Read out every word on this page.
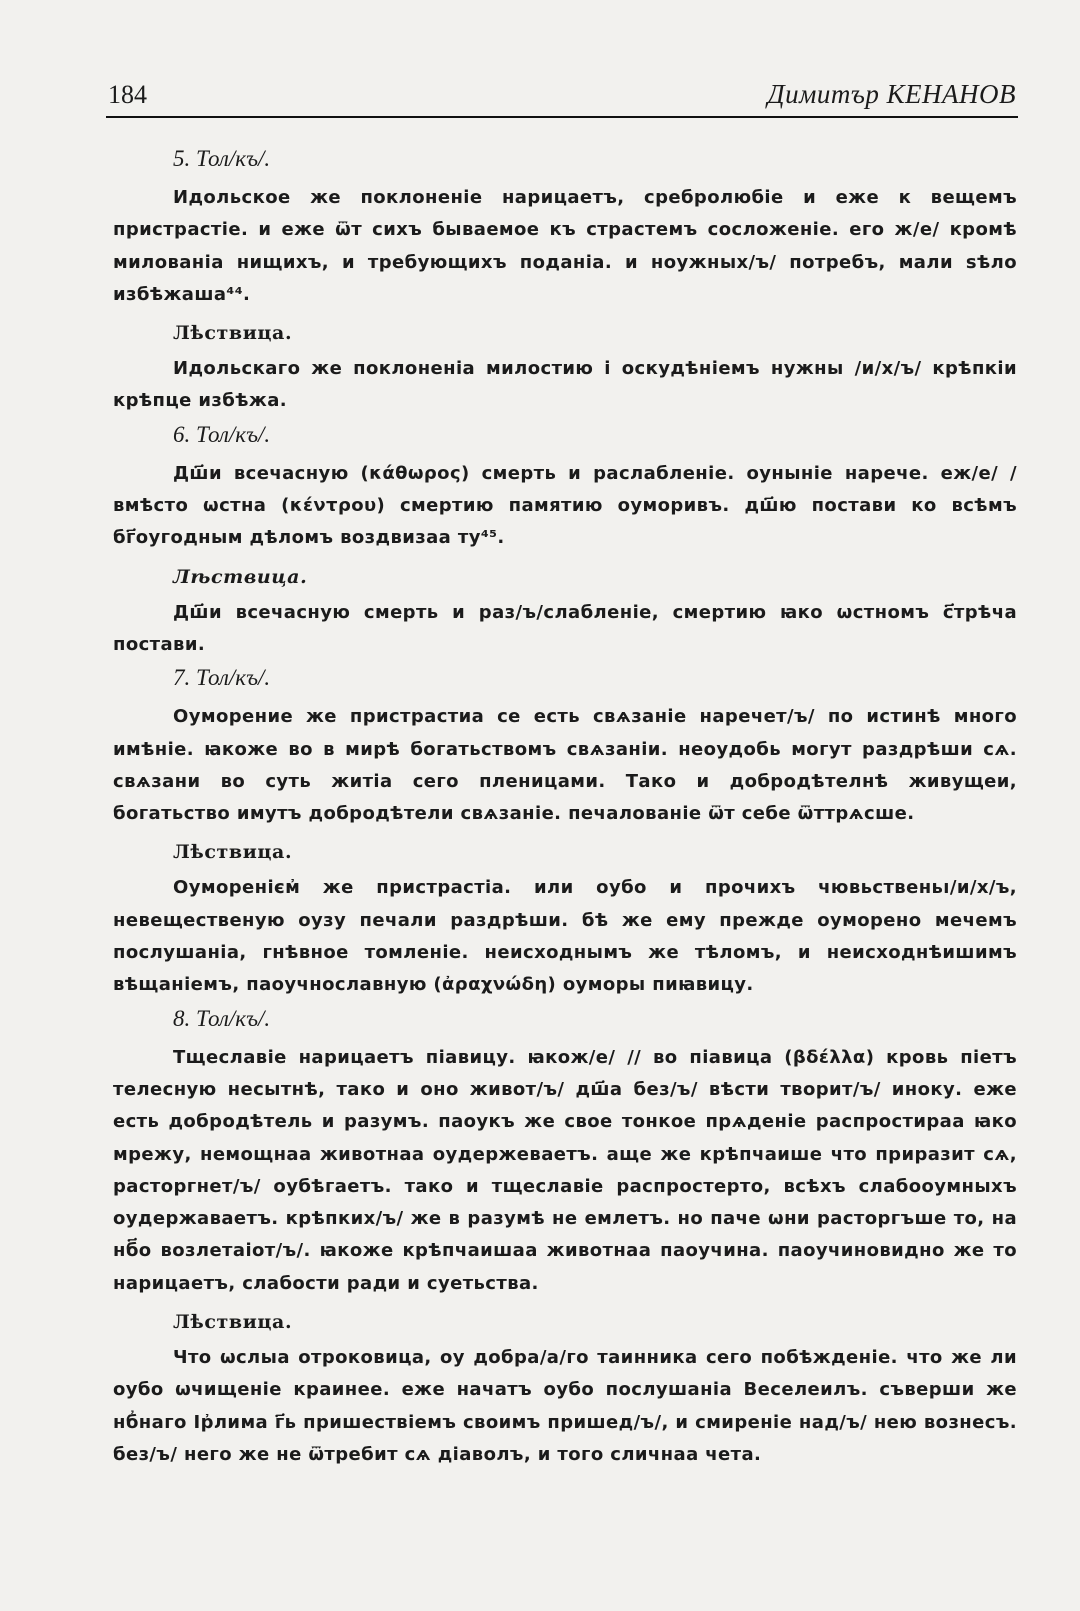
184	Димитър КЕНАНОВ
5. Тол/къ/.

Идольское же поклоненіе нарицаетъ, сребролюбіе и еже к вещемъ пристрастіе. и еже ѿт сихъ бываемое къ страстемъ сосложеніе. его ж/е/ кромѣ милованіа нищихъ, и требующихъ поданіа. и ноужных/ъ/ потребъ, мали ѕѣло избѣжаша⁴⁴.

Лѣствица.

Идольскаго же поклоненіа милостию і оскудѣніемъ нужны /и/х/ъ/ крѣпкіи крѣпце избѣжа.

6. Тол/къ/.

Дш҃и всечасную (κάθωρος) смерть и раслабленіе. оуныніе нарече. еж/е/ / вмѣсто ѡстна (κέντρου) смертию памятию оуморивъ. дш҃ю постави ко всѣмъ бг҃оугодным дѣломъ воздвизаа ту⁴⁵.

Лѣствица.

Дш҃и всечасную смерть и раз/ъ/слабленіе, смертию ꙗко ѡстномъ с҃трѣча постави.

7. Тол/къ/.

Оуморение же пристрастиа се есть свѧзаніе наречет/ъ/ по истинѣ много имѣніе. ꙗкоже во в мирѣ богатьствомъ свѧзаніи. неоудобь могут раздрѣши сѧ. свѧзани во суть житіа сего пленицами. Тако и добродѣтелнѣ живущеи, богатьство имутъ добродѣтели свѧзаніе. печалованіе ѿт себе ѿттрѧсше.

Лѣствица.

Оуморенієм҆ же пристрастіа. или оубо и прочихъ чювьственьı/и/х/ъ, невещественую оузу печали раздрѣши. бѣ же ему прежде оуморено мечемъ послушаніа, гнѣвное томленіе. неисходнымъ же тѣломъ, и неисходнѣишимъ вѣщаніемъ, паоучнославную (ἀραχνώδη) оуморы пиꙗвицу.

8. Тол/къ/.

Тщеславіе нарицаетъ піавицу. ꙗкож/е/ // во піавица (βδέλλα) кровь піетъ телесную несытнѣ, тако и оно живот/ъ/ дш҃а без/ъ/ вѣсти творит/ъ/ иноку. еже есть добродѣтель и разумъ. паоукъ же свое тонкое прѧденіе распростираа ꙗко мрежу, немощнаа животнаа оудержеваетъ. аще же крѣпчаише что приразит сѧ, расторгнет/ъ/ оубѣгаетъ. тако и тщеславіе распростерто, всѣхъ слабооумныхъ оудержаваетъ. крѣпких/ъ/ же в разумѣ не емлетъ. но паче ѡни расторгъше то, на нб҃о возлетаіот/ъ/. ꙗкоже крѣпчаишаа животнаа паоучина. паоучиновидно же то нарицаетъ, слабости ради и суетьства.

Лѣствица.

Что ѡслыа отроковица, оу добра/а/го таинника сего побѣжденіе. что же ли оубо ѡчищеніе краинее. еже начатъ оубо послушаніа Веселеилъ. съверши же нб҆наго Ір҆лима г҃ь пришествіемъ своимъ пришед/ъ/, и смиреніе над/ъ/ нею вознесъ. без/ъ/ него же не ѿтребит сѧ діаволъ, и того сличнаа чета.
